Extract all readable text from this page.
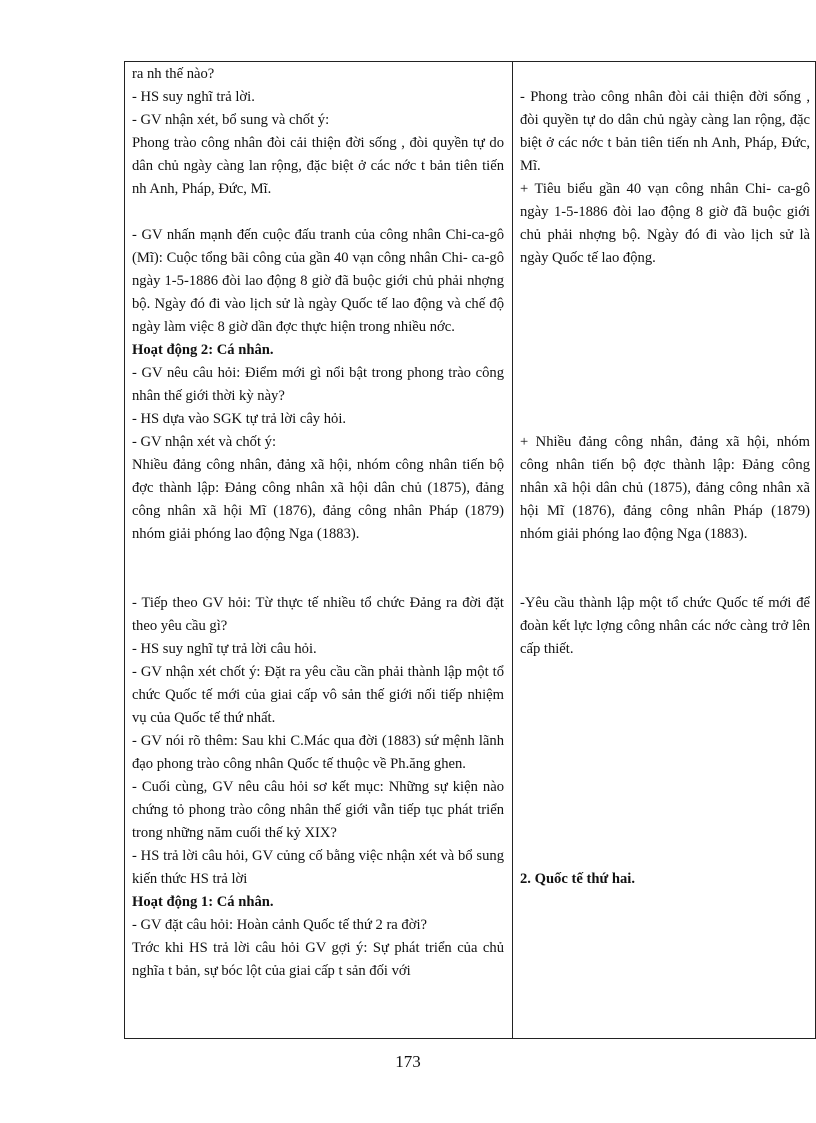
ra nh thế nào?
- HS suy nghĩ trả lời.
- GV nhận xét, bổ sung và chốt ý:
Phong trào công nhân đòi cải thiện đời sống , đòi quyền tự do dân chủ ngày càng lan rộng, đặc biệt ở các nớc t bản tiên tiến nh Anh, Pháp, Đức, Mĩ.
- GV nhấn mạnh đến cuộc đấu tranh của công nhân Chi-ca-gô (Mĩ): Cuộc tổng bãi công của gần 40 vạn công nhân Chi- ca-gô ngày 1-5-1886 đòi lao động 8 giờ đã buộc giới chủ phải nhợng bộ. Ngày đó đi vào lịch sử là ngày Quốc tế lao động và chế độ ngày làm việc 8 giờ dần đợc thực hiện trong nhiều nớc.
Hoạt động 2: Cá nhân.
- GV nêu câu hỏi: Điểm mới gì nổi bật trong phong trào công nhân thế giới thời kỳ này?
- HS dựa vào SGK tự trả lời cây hỏi.
- GV nhận xét và chốt ý:
Nhiều đảng công nhân, đảng xã hội, nhóm công nhân tiến bộ đợc thành lập: Đảng công nhân xã hội dân chủ (1875), đảng công nhân xã hội Mĩ (1876), đảng công nhân Pháp (1879) nhóm giải phóng lao động Nga (1883).
- Tiếp theo GV hỏi: Từ thực tế nhiều tổ chức Đảng ra đời đặt theo yêu cầu gì?
- HS suy nghĩ tự trả lời câu hỏi.
- GV nhận xét chốt ý: Đặt ra yêu cầu cần phải thành lập một tổ chức Quốc tế mới của giai cấp vô sản thế giới nối tiếp nhiệm vụ của Quốc tế thứ nhất.
- GV nói rõ thêm: Sau khi C.Mác qua đời (1883) sứ mệnh lãnh đạo phong trào công nhân Quốc tế thuộc về Ph.ăng ghen.
- Cuối cùng, GV nêu câu hỏi sơ kết mục: Những sự kiện nào chứng tỏ phong trào công nhân thế giới vẫn tiếp tục phát triển trong những năm cuối thế kỷ XIX?
- HS trả lời câu hỏi, GV củng cố bằng việc nhận xét và bổ sung kiến thức HS trả lời
Hoạt động 1: Cá nhân.
- GV đặt câu hỏi: Hoàn cảnh Quốc tế thứ 2 ra đời?
Trớc khi HS trả lời câu hỏi GV gợi ý: Sự phát triển của chủ nghĩa t bản, sự bóc lột của giai cấp t sản đối với
- Phong trào công nhân đòi cải thiện đời sống , đòi quyền tự do dân chủ ngày càng lan rộng, đặc biệt ở các nớc t bản tiên tiến nh Anh, Pháp, Đức, Mĩ.
+ Tiêu biểu gần 40 vạn công nhân Chi- ca-gô ngày 1-5-1886 đòi lao động 8 giờ đã buộc giới chủ phải nhợng bộ. Ngày đó đi vào lịch sử là ngày Quốc tế lao động.
+ Nhiều đảng công nhân, đảng xã hội, nhóm công nhân tiến bộ đợc thành lập: Đảng công nhân xã hội dân chủ (1875), đảng công nhân xã hội Mĩ (1876), đảng công nhân Pháp (1879) nhóm giải phóng lao động Nga (1883).
-Yêu cầu thành lập một tổ chức Quốc tế mới để đoàn kết lực lợng công nhân các nớc càng trở lên cấp thiết.
2. Quốc tế thứ hai.
173
